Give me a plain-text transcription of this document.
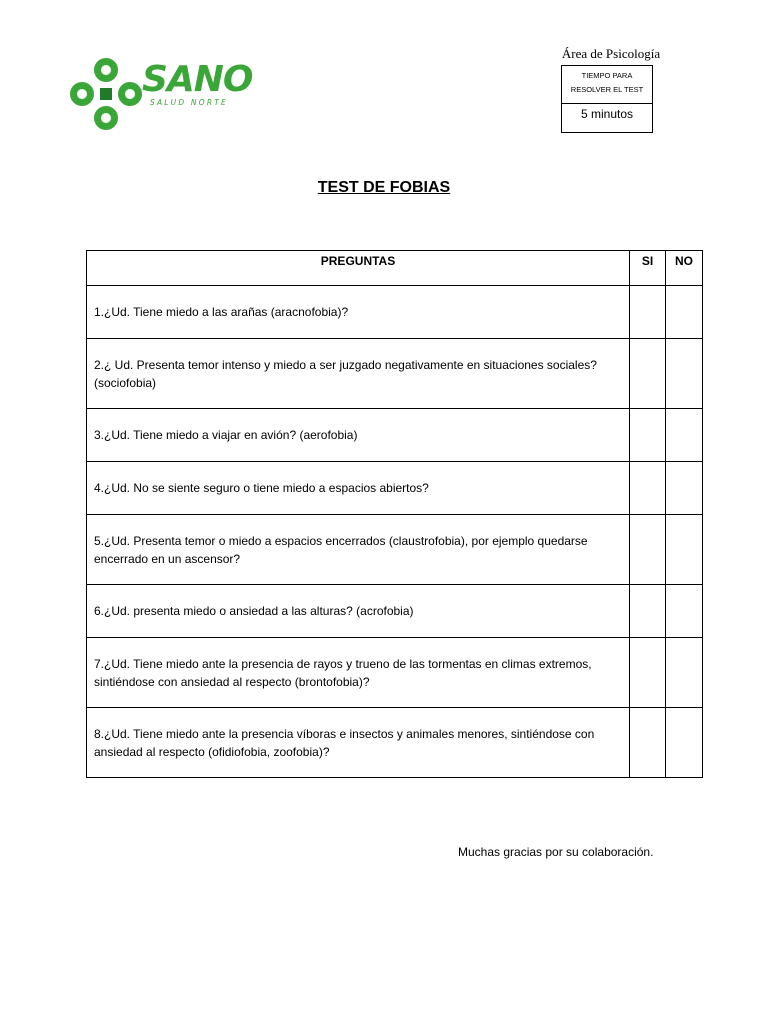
SANO
SALUD NORTE
Área de Psicología
TIEMPO PARA RESOLVER EL TEST
5 minutos
TEST DE FOBIAS
PREGUNTAS	SI	NO
1.¿Ud. Tiene miedo a las arañas (aracnofobia)?		
2.¿ Ud. Presenta temor intenso y miedo a ser juzgado negativamente en situaciones sociales? (sociofobia)		
3.¿Ud. Tiene miedo a viajar en avión? (aerofobia)		
4.¿Ud. No se siente seguro o tiene miedo a espacios abiertos?		
5.¿Ud. Presenta temor o miedo a espacios encerrados (claustrofobia), por ejemplo quedarse encerrado en un ascensor?		
6.¿Ud. presenta miedo o ansiedad a las alturas? (acrofobia)		
7.¿Ud. Tiene miedo ante la presencia de rayos y trueno de las tormentas en climas extremos, sintiéndose con ansiedad al respecto (brontofobia)?		
8.¿Ud. Tiene miedo ante la presencia víboras e insectos y animales menores, sintiéndose con ansiedad al respecto (ofidiofobia, zoofobia)?		
Muchas gracias por su colaboración.
